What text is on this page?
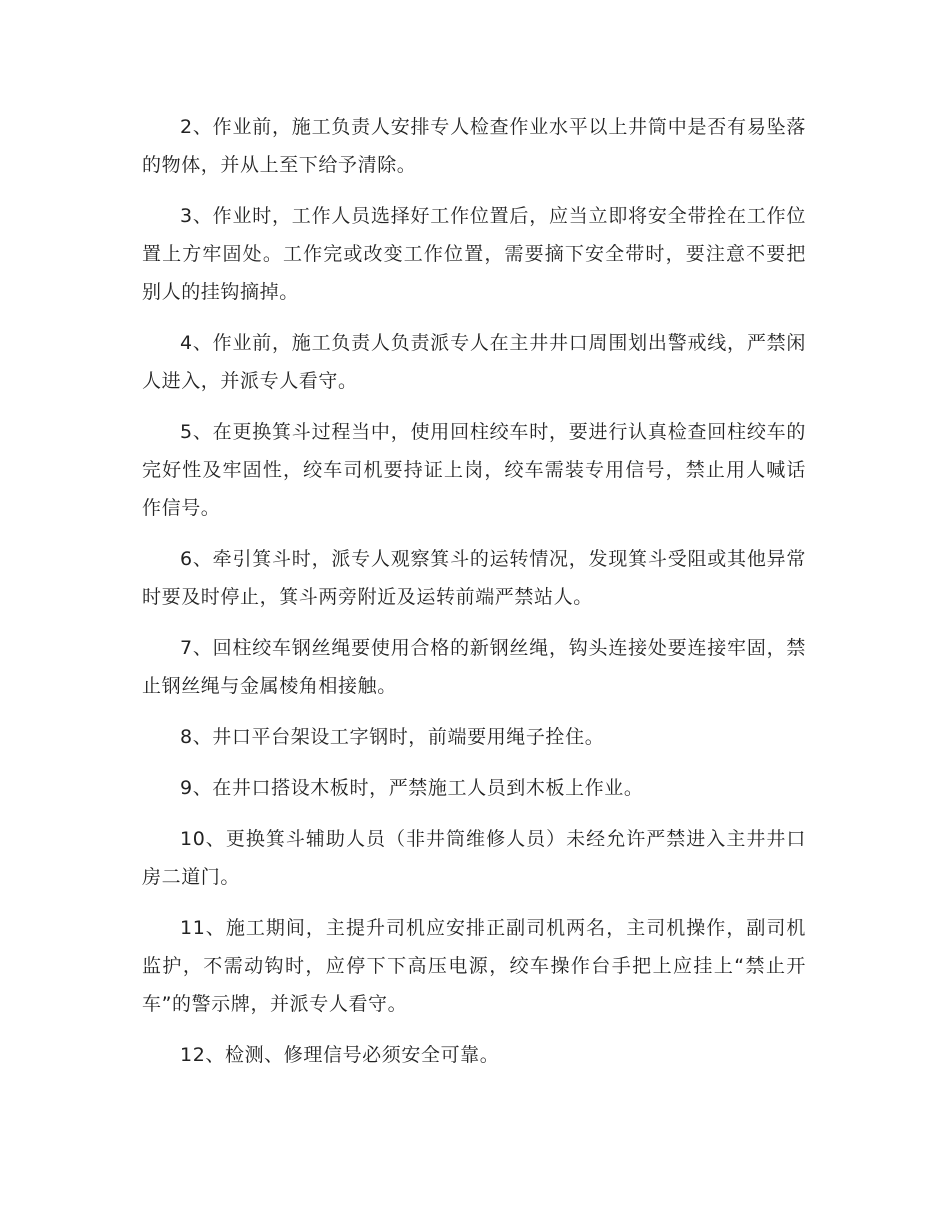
2、作业前，施工负责人安排专人检查作业水平以上井筒中是否有易坠落的物体，并从上至下给予清除。

3、作业时，工作人员选择好工作位置后，应当立即将安全带拴在工作位置上方牢固处。工作完或改变工作位置，需要摘下安全带时，要注意不要把别人的挂钩摘掉。

4、作业前，施工负责人负责派专人在主井井口周围划出警戒线，严禁闲人进入，并派专人看守。

5、在更换箕斗过程当中，使用回柱绞车时，要进行认真检查回柱绞车的完好性及牢固性，绞车司机要持证上岗，绞车需装专用信号，禁止用人喊话作信号。

6、牵引箕斗时，派专人观察箕斗的运转情况，发现箕斗受阻或其他异常时要及时停止，箕斗两旁附近及运转前端严禁站人。

7、回柱绞车钢丝绳要使用合格的新钢丝绳，钩头连接处要连接牢固，禁止钢丝绳与金属棱角相接触。

8、井口平台架设工字钢时，前端要用绳子拴住。

9、在井口搭设木板时，严禁施工人员到木板上作业。

10、更换箕斗辅助人员（非井筒维修人员）未经允许严禁进入主井井口房二道门。

11、施工期间，主提升司机应安排正副司机两名，主司机操作，副司机监护，不需动钩时，应停下下高压电源，绞车操作台手把上应挂上“禁止开车”的警示牌，并派专人看守。

12、检测、修理信号必须安全可靠。
